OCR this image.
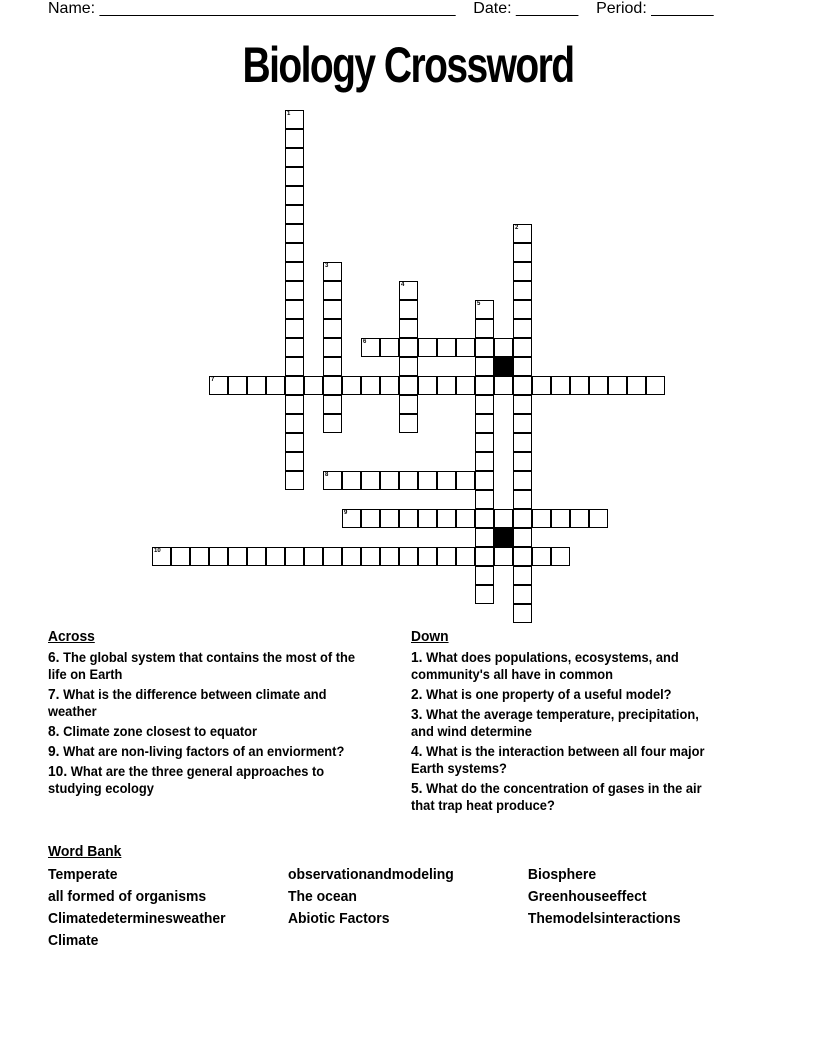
Name: ________________________________________ Date: _______ Period: _______
Biology Crossword
1
2
3
4
5
6
7
8
9
10
Across
6. The global system that contains the most of the life on Earth
7. What is the difference between climate and weather
8. Climate zone closest to equator
9. What are non-living factors of an enviorment?
10. What are the three general approaches to studying ecology
Down
1. What does populations, ecosystems, and community's all have in common
2. What is one property of a useful model?
3. What the average temperature, precipitation, and wind determine
4. What is the interaction between all four major Earth systems?
5. What do the concentration of gases in the air that trap heat produce?
Word Bank
Temperate	observationandmodeling	Biosphere
all formed of organisms	The ocean	Greenhouseeffect
Climatedeterminesweather	Abiotic Factors	Themodelsinteractions
Climate
